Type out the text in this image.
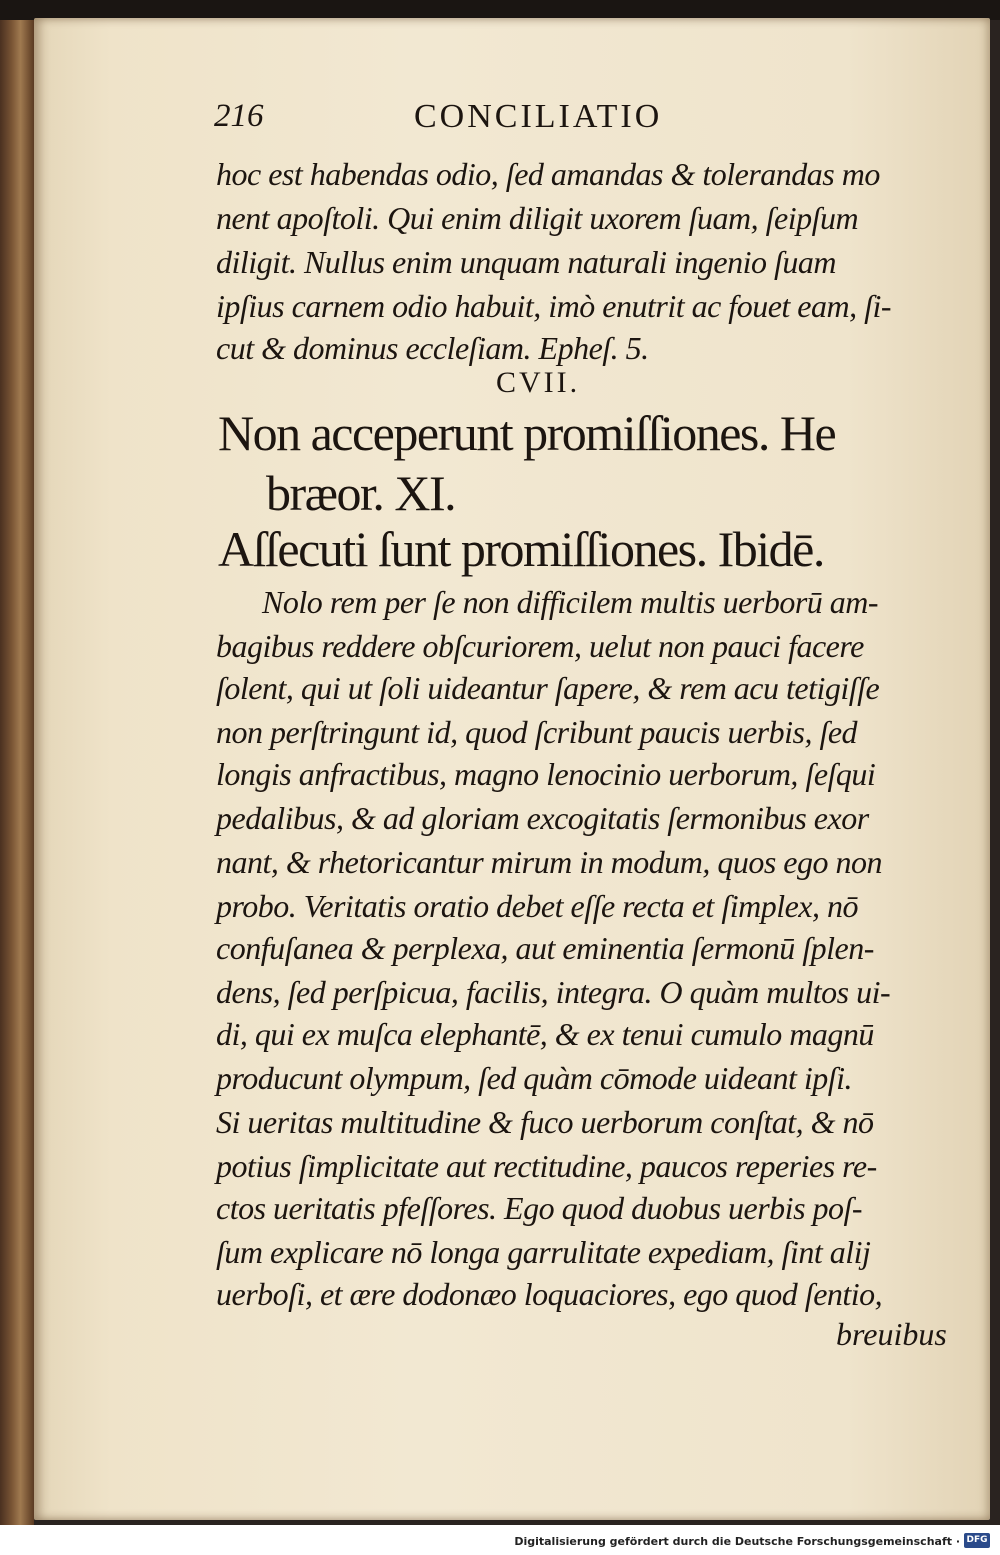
216	CONCILIATIO
hoc est habendas odio, ſed amandas & tolerandas mo
nent apoſtoli. Qui enim diligit uxorem ſuam, ſeipſum
diligit. Nullus enim unquam naturali ingenio ſuam
ipſius carnem odio habuit, imò enutrit ac fouet eam, ſi-
cut & dominus eccleſiam. Epheſ. 5.
CVII.
Non acceperunt promiſſiones. He
bræor. XI.
Aſſecuti ſunt promiſſiones. Ibidē.
Nolo rem per ſe non difficilem multis uerborū am-
bagibus reddere obſcuriorem, uelut non pauci facere
ſolent, qui ut ſoli uideantur ſapere, & rem acu tetigiſſe
non perſtringunt id, quod ſcribunt paucis uerbis, ſed
longis anfractibus, magno lenocinio uerborum, ſeſqui
pedalibus, & ad gloriam excogitatis ſermonibus exor
nant, & rhetoricantur mirum in modum, quos ego non
probo. Veritatis oratio debet eſſe recta et ſimplex, nō
confuſanea & perplexa, aut eminentia ſermonū ſplen-
dens, ſed perſpicua, facilis, integra. O quàm multos ui-
di, qui ex muſca elephantē, & ex tenui cumulo magnū
producunt olympum, ſed quàm cōmode uideant ipſi.
Si ueritas multitudine & fuco uerborum conſtat, & nō
potius ſimplicitate aut rectitudine, paucos reperies re-
ctos ueritatis pfeſſores. Ego quod duobus uerbis poſ-
ſum explicare nō longa garrulitate expediam, ſint alij
uerboſi, et ære dodonæo loquaciores, ego quod ſentio,
breuibus
Digitalisierung gefördert durch die Deutsche Forschungsgemeinschaft · DFG
